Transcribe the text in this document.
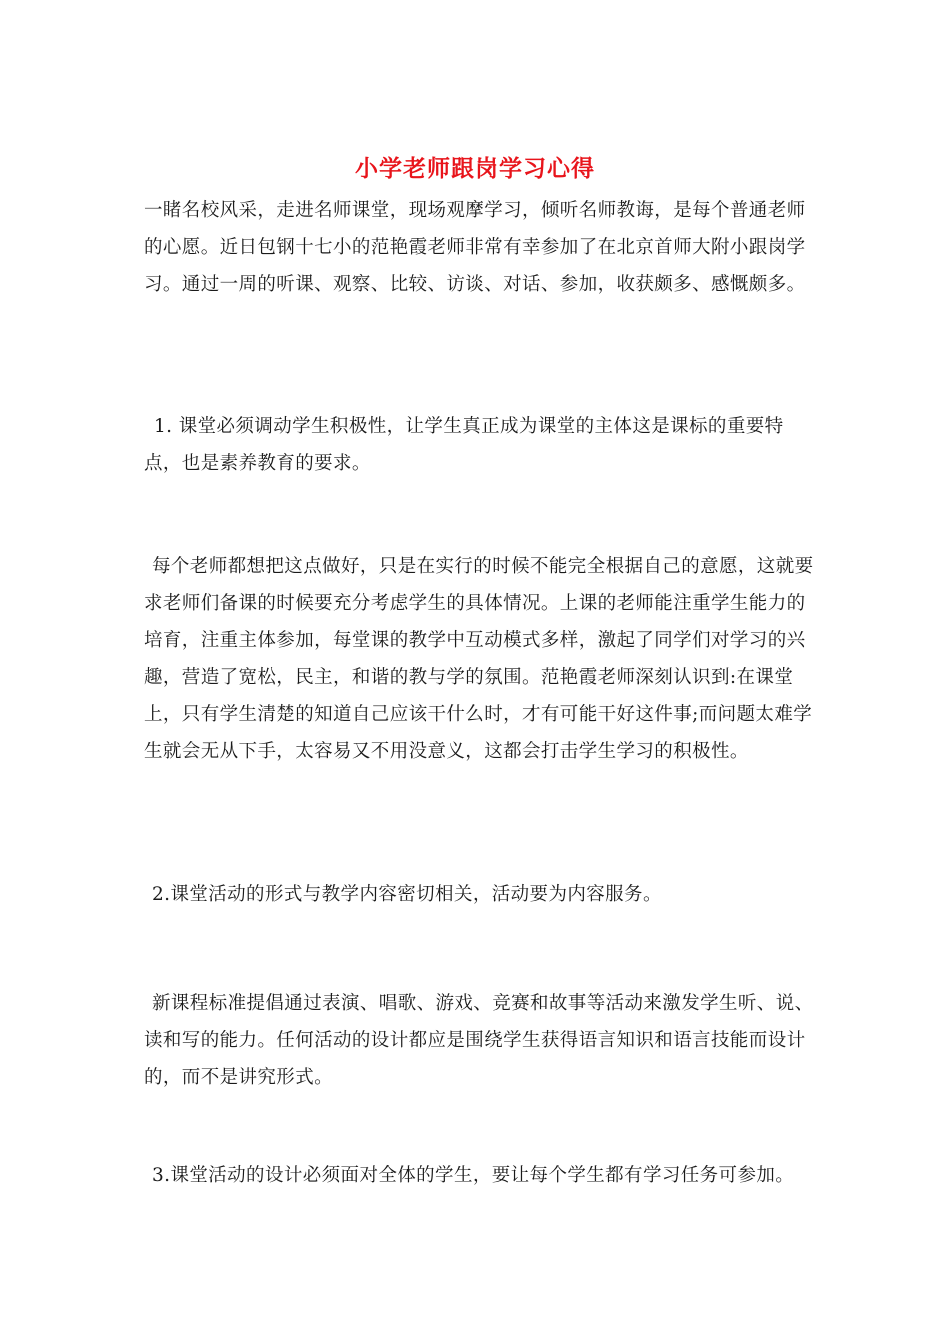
小学老师跟岗学习心得

一睹名校风采，走进名师课堂，现场观摩学习，倾听名师教诲，是每个普通老师的心愿。近日包钢十七小的范艳霞老师非常有幸参加了在北京首师大附小跟岗学习。通过一周的听课、观察、比较、访谈、对话、参加，收获颇多、感慨颇多。

1. 课堂必须调动学生积极性，让学生真正成为课堂的主体这是课标的重要特点，也是素养教育的要求。

每个老师都想把这点做好，只是在实行的时候不能完全根据自己的意愿，这就要求老师们备课的时候要充分考虑学生的具体情况。上课的老师能注重学生能力的培育，注重主体参加，每堂课的教学中互动模式多样，激起了同学们对学习的兴趣，营造了宽松，民主，和谐的教与学的氛围。范艳霞老师深刻认识到:在课堂上，只有学生清楚的知道自己应该干什么时，才有可能干好这件事;而问题太难学生就会无从下手，太容易又不用没意义，这都会打击学生学习的积极性。

2.课堂活动的形式与教学内容密切相关，活动要为内容服务。

新课程标准提倡通过表演、唱歌、游戏、竞赛和故事等活动来激发学生听、说、读和写的能力。任何活动的设计都应是围绕学生获得语言知识和语言技能而设计的，而不是讲究形式。

3.课堂活动的设计必须面对全体的学生，要让每个学生都有学习任务可参加。
